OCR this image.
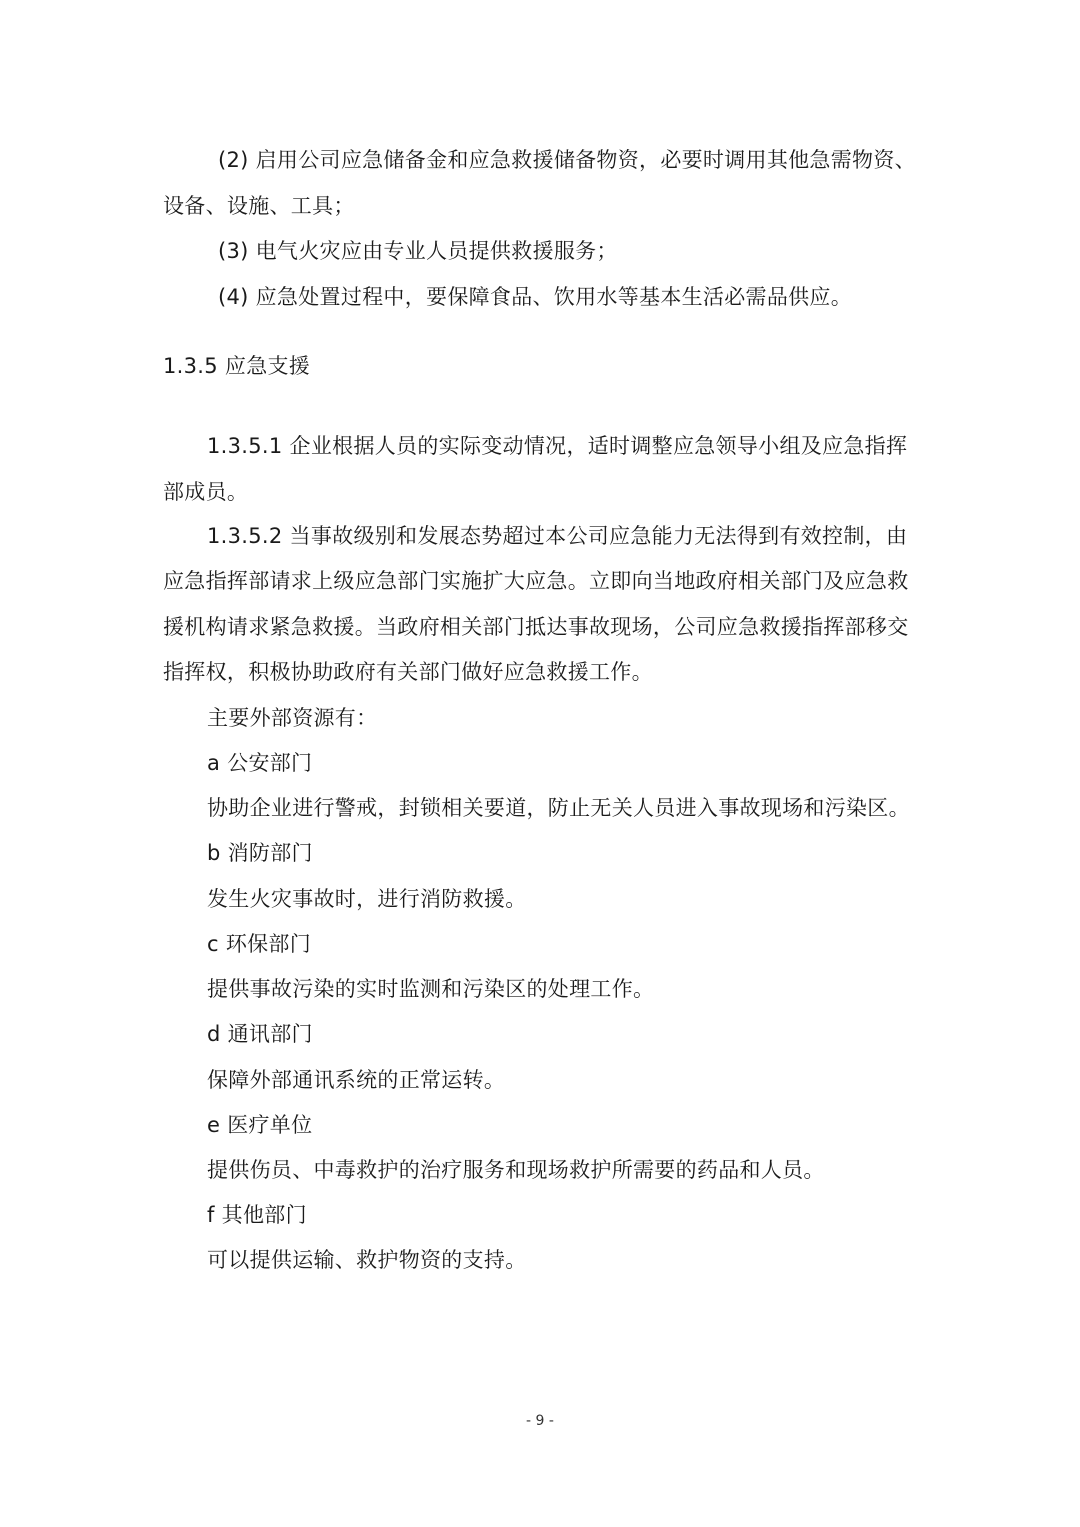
(2) 启用公司应急储备金和应急救援储备物资，必要时调用其他急需物资、
设备、设施、工具；
(3) 电气火灾应由专业人员提供救援服务；
(4) 应急处置过程中，要保障食品、饮用水等基本生活必需品供应。
1.3.5 应急支援
1.3.5.1 企业根据人员的实际变动情况，适时调整应急领导小组及应急指挥
部成员。
1.3.5.2 当事故级别和发展态势超过本公司应急能力无法得到有效控制，由
应急指挥部请求上级应急部门实施扩大应急。立即向当地政府相关部门及应急救
援机构请求紧急救援。当政府相关部门抵达事故现场，公司应急救援指挥部移交
指挥权，积极协助政府有关部门做好应急救援工作。
主要外部资源有：
a 公安部门
协助企业进行警戒，封锁相关要道，防止无关人员进入事故现场和污染区。
b 消防部门
发生火灾事故时，进行消防救援。
c 环保部门
提供事故污染的实时监测和污染区的处理工作。
d 通讯部门
保障外部通讯系统的正常运转。
e 医疗单位
提供伤员、中毒救护的治疗服务和现场救护所需要的药品和人员。
f 其他部门
可以提供运输、救护物资的支持。
- 9 -
